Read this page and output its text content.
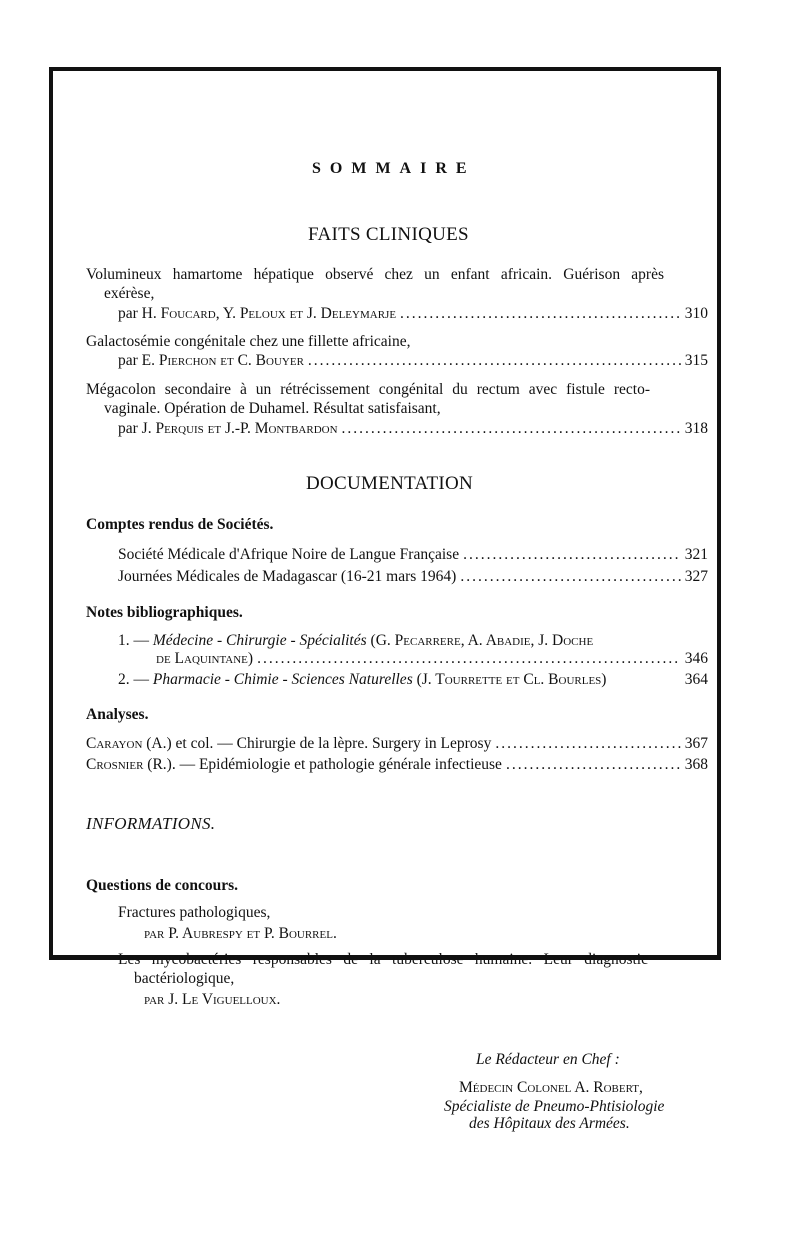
SOMMAIRE
FAITS CLINIQUES
Volumineux hamartome hépatique observé chez un enfant africain. Guérison après
exérèse,
par H.
Foucard, Y. Peloux et J. Deleymarje .....	310
Galactosémie congénitale chez une fillette africaine,
par E.
Pierchon et C. Bouyer .....	315
Mégacolon secondaire à un rétrécissement congénital du rectum avec fistule recto-
vaginale. Opération de Duhamel. Résultat satisfaisant,
par J.
Perquis et J.-P. Montbardon .....	318
DOCUMENTATION
Comptes rendus de Sociétés.
Société Médicale d'Afrique Noire de Langue Française .....	321
Journées Médicales de Madagascar (16-21 mars 1964) .....	327
Notes bibliographiques.
1. — Médecine - Chirurgie - Spécialités (G. Pecarrere, A. Abadie, J. Doche
de Laquintane) .....	346
2. —
Pharmacie - Chimie - Sciences Naturelles
(J. Tourrette et Cl. Bourles)	364
Analyses.
Carayon
(A.) et col. — Chirurgie de la lèpre. Surgery in Leprosy .....	367
Crosnier
(R.). — Epidémiologie et pathologie générale infectieuse .....	368
INFORMATIONS.
Questions de concours.
Fractures pathologiques,
par P. Aubrespy et P. Bourrel.
Les mycobactéries responsables de la tuberculose humaine. Leur diagnostic
bactériologique,
par J. Le Viguelloux.
Le Rédacteur en Chef :
Médecin Colonel A. Robert,
Spécialiste de Pneumo-Phtisiologie
des Hôpitaux des Armées.
